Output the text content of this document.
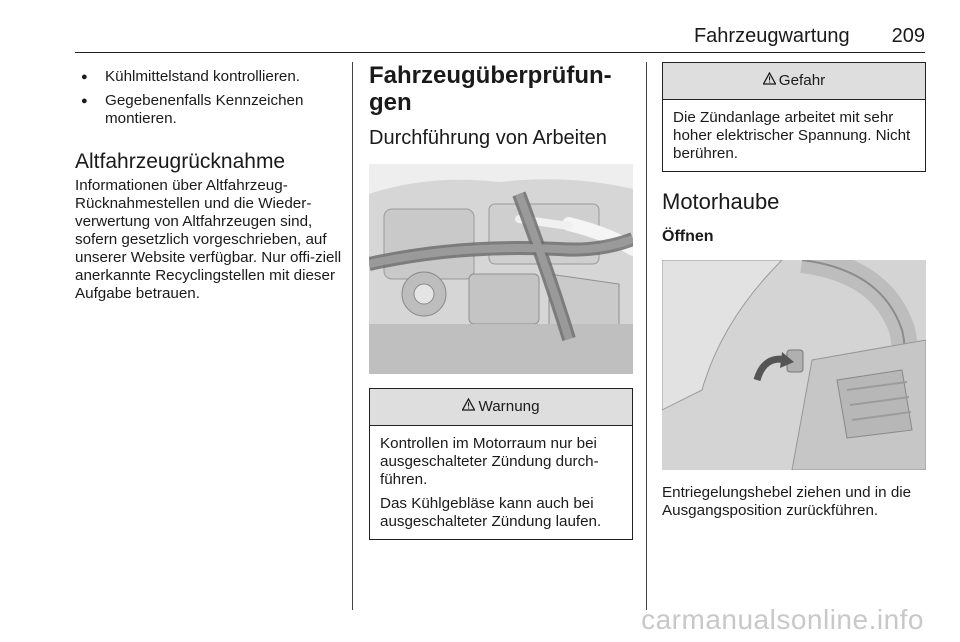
Fahrzeugwartung 209
● Kühlmittelstand kontrollieren.
● Gegebenenfalls Kennzeichen montieren.
Altfahrzeugrücknahme

Informationen über Altfahrzeug-Rücknahmestellen und die Wieder-verwertung von Altfahrzeugen sind, sofern gesetzlich vorgeschrieben, auf unserer Website verfügbar. Nur offi-ziell anerkannte Recyclingstellen mit dieser Aufgabe betrauen.

Fahrzeugüberprüfun-
gen
Durchführung von Arbeiten
Warnung

Kontrollen im Motorraum nur bei ausgeschalteter Zündung durch-führen.

Das Kühlgebläse kann auch bei ausgeschalteter Zündung laufen.

Gefahr

Die Zündanlage arbeitet mit sehr hoher elektrischer Spannung. Nicht berühren.

Motorhaube
Öffnen

Entriegelungshebel ziehen und in die Ausgangsposition zurückführen.

carmanualsonline.info
